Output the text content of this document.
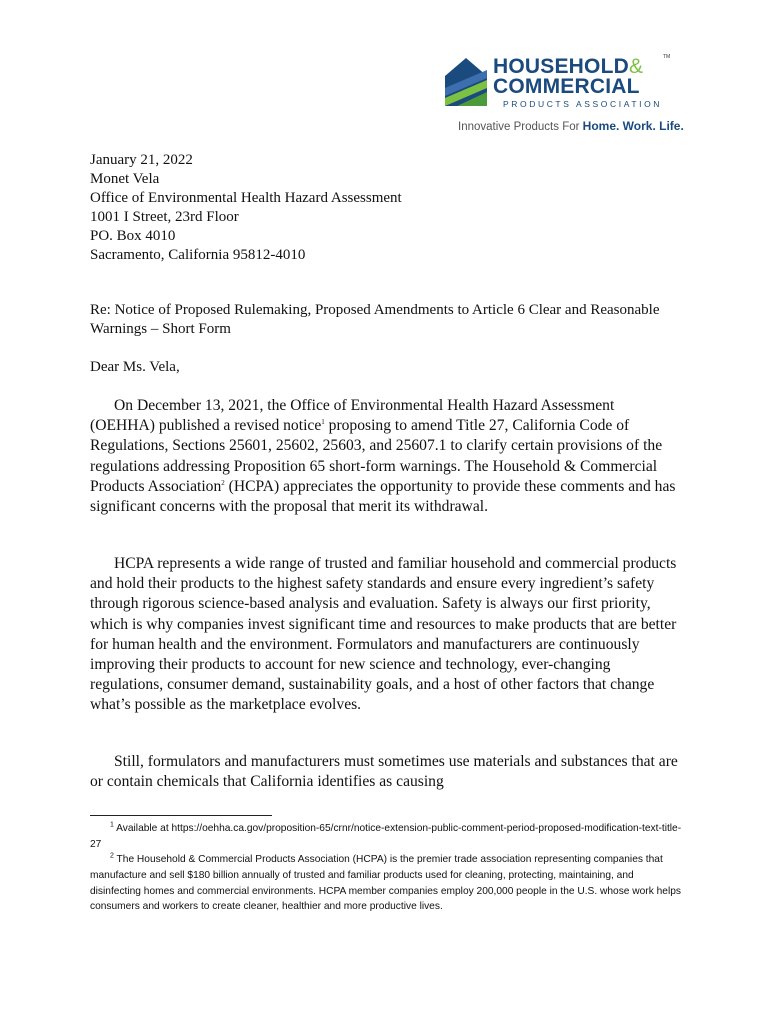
HOUSEHOLD&
COMMERCIAL
PRODUCTS ASSOCIATION
TM
Innovative Products For Home. Work. Life.
January 21, 2022
Monet Vela
Office of Environmental Health Hazard Assessment
1001 I Street, 23rd Floor
PO. Box 4010
Sacramento, California 95812-4010
Re: Notice of Proposed Rulemaking, Proposed Amendments to Article 6 Clear and Reasonable Warnings – Short Form
Dear Ms. Vela,

On December 13, 2021, the Office of Environmental Health Hazard Assessment (OEHHA) published a revised notice$^1$ proposing to amend Title 27, California Code of Regulations, Sections 25601, 25602, 25603, and 25607.1 to clarify certain provisions of the regulations addressing Proposition 65 short-form warnings. The Household & Commercial Products Association$^2$ (HCPA) appreciates the opportunity to provide these comments and has significant concerns with the proposal that merit its withdrawal.

HCPA represents a wide range of trusted and familiar household and commercial products and hold their products to the highest safety standards and ensure every ingredient’s safety through rigorous science-based analysis and evaluation. Safety is always our first priority, which is why companies invest significant time and resources to make products that are better for human health and the environment. Formulators and manufacturers are continuously improving their products to account for new science and technology, ever-changing regulations, consumer demand, sustainability goals, and a host of other factors that change what’s possible as the marketplace evolves.

Still, formulators and manufacturers must sometimes use materials and substances that are or contain chemicals that California identifies as causing

$^1$ Available at https://oehha.ca.gov/proposition-65/crnr/notice-extension-public-comment-period-proposed-modification-text-title-27
$^2$ The Household & Commercial Products Association (HCPA) is the premier trade association representing companies that manufacture and sell $180 billion annually of trusted and familiar products used for cleaning, protecting, maintaining, and disinfecting homes and commercial environments. HCPA member companies employ 200,000 people in the U.S. whose work helps consumers and workers to create cleaner, healthier and more productive lives.
